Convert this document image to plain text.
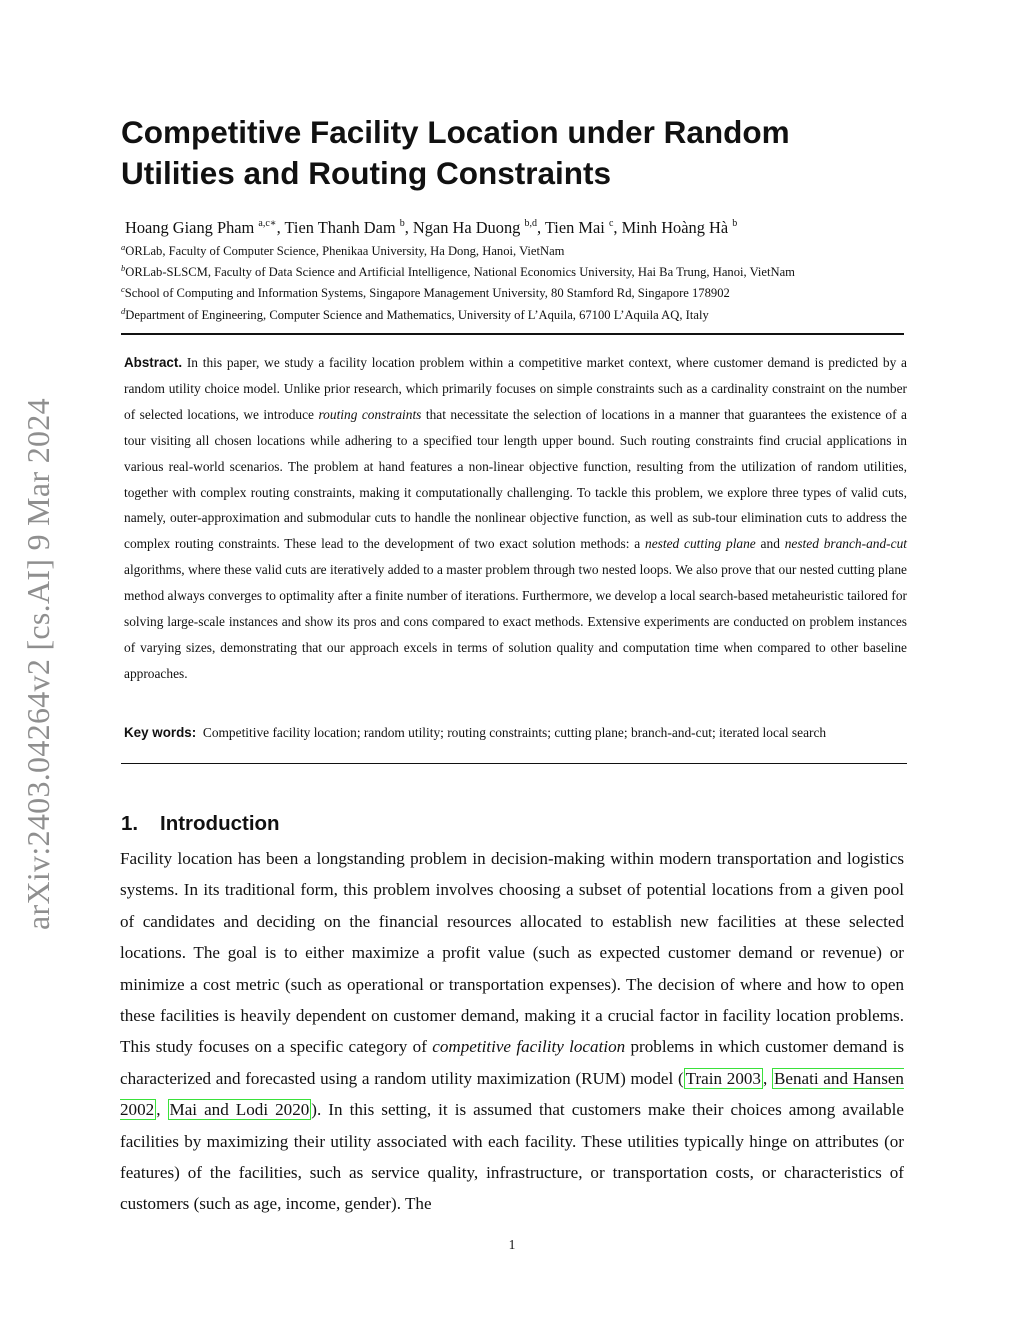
arXiv:2403.04264v2 [cs.AI] 9 Mar 2024
Competitive Facility Location under Random
Utilities and Routing Constraints
Hoang Giang Pham $^{a,c∗}$, Tien Thanh Dam $^b$, Ngan Ha Duong $^{b,d}$, Tien Mai $^c$, Minh Hoàng Hà $^b$
$^a$ORLab, Faculty of Computer Science, Phenikaa University, Ha Dong, Hanoi, VietNam
$^b$ORLab-SLSCM, Faculty of Data Science and Artificial Intelligence, National Economics University, Hai Ba Trung, Hanoi, VietNam
$^c$School of Computing and Information Systems, Singapore Management University, 80 Stamford Rd, Singapore 178902
$^d$Department of Engineering, Computer Science and Mathematics, University of L’Aquila, 67100 L’Aquila AQ, Italy

Abstract. In this paper, we study a facility location problem within a competitive market context, where customer demand is predicted by a random utility choice model. Unlike prior research, which primarily focuses on simple constraints such as a cardinality constraint on the number of selected locations, we introduce routing constraints that necessitate the selection of locations in a manner that guarantees the existence of a tour visiting all chosen locations while adhering to a specified tour length upper bound. Such routing constraints find crucial applications in various real-world scenarios. The problem at hand features a non-linear objective function, resulting from the utilization of random utilities, together with complex routing constraints, making it computationally challenging. To tackle this problem, we explore three types of valid cuts, namely, outer-approximation and submodular cuts to handle the nonlinear objective function, as well as sub-tour elimination cuts to address the complex routing constraints. These lead to the development of two exact solution methods: a nested cutting plane and nested branch-and-cut algorithms, where these valid cuts are iteratively added to a master problem through two nested loops. We also prove that our nested cutting plane method always converges to optimality after a finite number of iterations. Furthermore, we develop a local search-based metaheuristic tailored for solving large-scale instances and show its pros and cons compared to exact methods. Extensive experiments are conducted on problem instances of varying sizes, demonstrating that our approach excels in terms of solution quality and computation time when compared to other baseline approaches.

Key words: Competitive facility location; random utility; routing constraints; cutting plane; branch-and-cut; iterated local search

1. Introduction

Facility location has been a longstanding problem in decision-making within modern transportation and logistics systems. In its traditional form, this problem involves choosing a subset of potential locations from a given pool of candidates and deciding on the financial resources allocated to establish new facilities at these selected locations. The goal is to either maximize a profit value (such as expected customer demand or revenue) or minimize a cost metric (such as operational or transportation expenses). The decision of where and how to open these facilities is heavily dependent on customer demand, making it a crucial factor in facility location problems. This study focuses on a specific category of competitive facility location problems in which customer demand is characterized and forecasted using a random utility maximization (RUM) model ( Train 2003 , Benati and Hansen 2002 , Mai and Lodi 2020 ). In this setting, it is assumed that customers make their choices among available facilities by maximizing their utility associated with each facility. These utilities typically hinge on attributes (or features) of the facilities, such as service quality, infrastructure, or transportation costs, or characteristics of customers (such as age, income, gender). The

1
